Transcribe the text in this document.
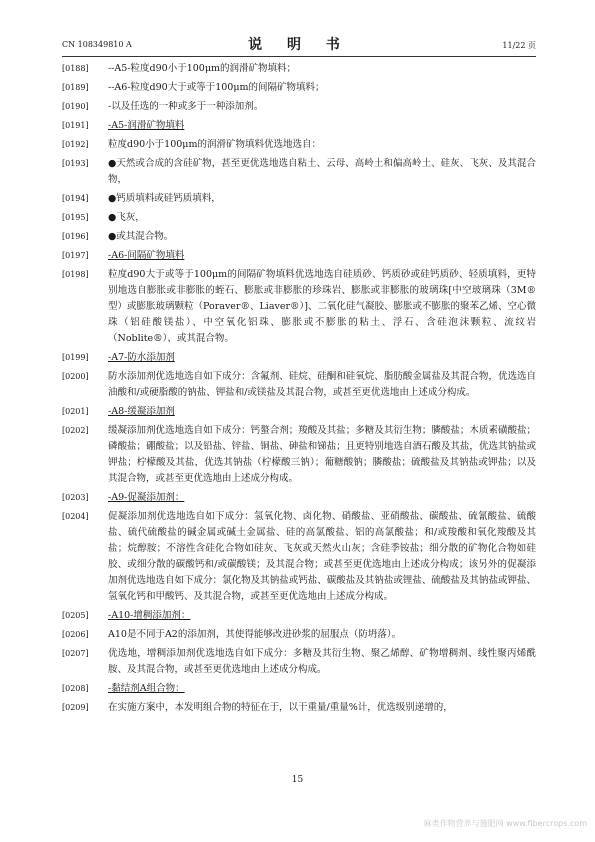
CN 108349810 A	说 明 书	11/22 页
[0188]	--A5-粒度d90小于100μm的润滑矿物填料；
[0189]	--A6-粒度d90大于或等于100μm的间隔矿物填料；
[0190]	-以及任选的一种或多于一种添加剂。
[0191]	-A5-润滑矿物填料
[0192]	粒度d90小于100μm的润滑矿物填料优选地选自：
[0193]	●天然或合成的含硅矿物，甚至更优选地选自粘土、云母、高岭土和偏高岭土、硅灰、飞灰、及其混合物，
[0194]	●钙质填料或硅钙质填料，
[0195]	●飞灰，
[0196]	●或其混合物。
[0197]	-A6-间隔矿物填料
[0198]	粒度d90大于或等于100μm的间隔矿物填料优选地选自硅质砂、钙质砂或硅钙质砂、轻质填料，更特别地选自膨胀或非膨胀的蛭石、膨胀或非膨胀的珍珠岩、膨胀或非膨胀的玻璃珠[中空玻璃珠（3M®型）或膨胀玻璃颗粒（Poraver®、Liaver®）]、二氧化硅气凝胶、膨胀或不膨胀的聚苯乙烯、空心微珠（铝硅酸镁盐）、中空氧化铝珠、膨胀或不膨胀的粘土、浮石、含硅泡沫颗粒、流纹岩（Noblite®）、或其混合物。
[0199]	-A7-防水添加剂
[0200]	防水添加剂优选地选自如下成分：含氟剂、硅烷、硅酮和硅氧烷、脂肪酸金属盐及其混合物，优选选自油酸和/或硬脂酸的钠盐、钾盐和/或镁盐及其混合物，或甚至更优选地由上述成分构成。
[0201]	-A8-缓凝添加剂
[0202]	缓凝添加剂优选地选自如下成分：钙螯合剂；羧酸及其盐；多糖及其衍生物；膦酸盐；木质素磺酸盐；磷酸盐；硼酸盐；以及铅盐、锌盐、铜盐、砷盐和锑盐；且更特别地选自酒石酸及其盐，优选其钠盐或钾盐；柠檬酸及其盐，优选其钠盐（柠檬酸三钠）；葡糖酸钠；膦酸盐；硫酸盐及其钠盐或钾盐；以及其混合物，或甚至更优选地由上述成分构成。
[0203]	-A9-促凝添加剂：
[0204]	促凝添加剂优选地选自如下成分：氢氧化物、卤化物、硝酸盐、亚硝酸盐、碳酸盐、硫氰酸盐、硫酸盐、硫代硫酸盐的碱金属或碱土金属盐、硅的高氯酸盐、铝的高氯酸盐；和/或羧酸和氧化羧酸及其盐；烷醇胺；不溶性含硅化合物如硅灰、飞灰或天然火山灰；含硅季铵盐；细分散的矿物化合物如硅胶、或细分散的碳酸钙和/或碳酸镁；及其混合物；或甚至更优选地由上述成分构成；该另外的促凝添加剂优选地选自如下成分：氯化物及其钠盐或钙盐、碳酸盐及其钠盐或锂盐、硫酸盐及其钠盐或钾盐、氢氧化钙和甲酸钙、及其混合物，或甚至更优选地由上述成分构成。
[0205]	-A10-增稠添加剂：
[0206]	A10是不同于A2的添加剂，其使得能够改进砂浆的屈服点（防坍落）。
[0207]	优选地，增稠添加剂优选地选自如下成分：多糖及其衍生物、聚乙烯醇、矿物增稠剂、线性聚丙烯酰胺、及其混合物，或甚至更优选地由上述成分构成。
[0208]	-黏结剂A组合物：
[0209]	在实施方案中，本发明组合物的特征在于，以干重量/重量%计，优选级别递增的，
15
麻类作物营养与施肥网 www.fibercrops.com
